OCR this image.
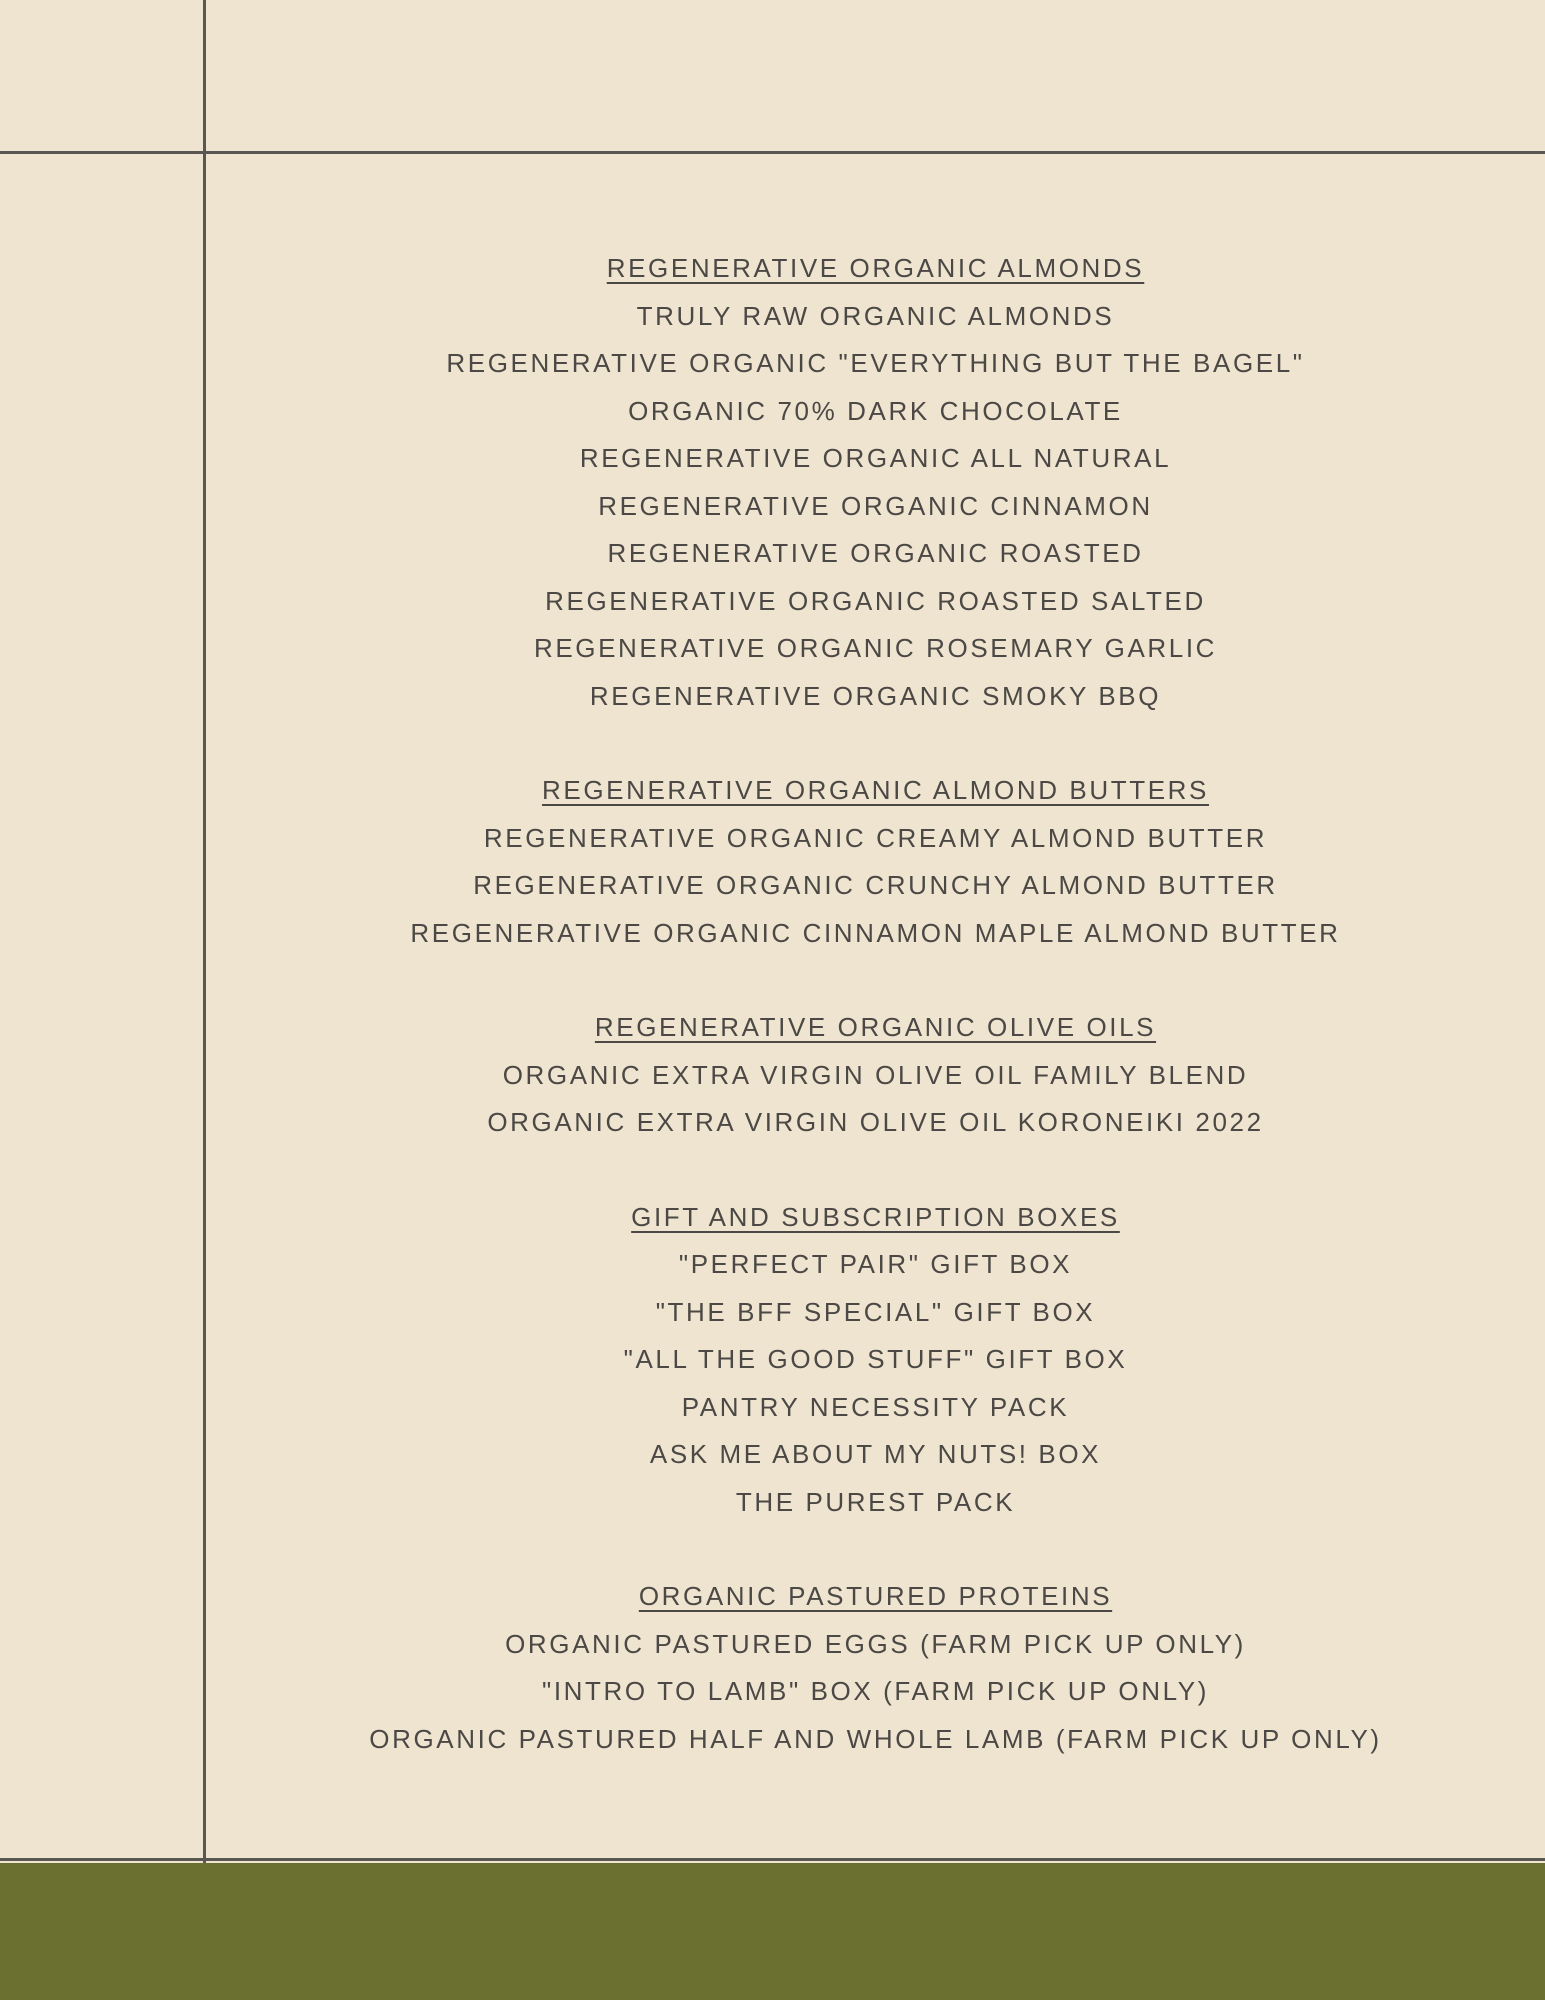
REGENERATIVE ORGANIC ALMONDS
TRULY RAW ORGANIC ALMONDS
REGENERATIVE ORGANIC "EVERYTHING BUT THE BAGEL"
ORGANIC 70% DARK CHOCOLATE
REGENERATIVE ORGANIC ALL NATURAL
REGENERATIVE ORGANIC CINNAMON
REGENERATIVE ORGANIC ROASTED
REGENERATIVE ORGANIC ROASTED SALTED
REGENERATIVE ORGANIC ROSEMARY GARLIC
REGENERATIVE ORGANIC SMOKY BBQ
REGENERATIVE ORGANIC ALMOND BUTTERS
REGENERATIVE ORGANIC CREAMY ALMOND BUTTER
REGENERATIVE ORGANIC CRUNCHY ALMOND BUTTER
REGENERATIVE ORGANIC CINNAMON MAPLE ALMOND BUTTER
REGENERATIVE ORGANIC OLIVE OILS
ORGANIC EXTRA VIRGIN OLIVE OIL FAMILY BLEND
ORGANIC EXTRA VIRGIN OLIVE OIL KORONEIKI 2022
GIFT AND SUBSCRIPTION BOXES
"PERFECT PAIR" GIFT BOX
"THE BFF SPECIAL" GIFT BOX
"ALL THE GOOD STUFF" GIFT BOX
PANTRY NECESSITY PACK
ASK ME ABOUT MY NUTS! BOX
THE PUREST PACK
ORGANIC PASTURED PROTEINS
ORGANIC PASTURED EGGS (FARM PICK UP ONLY)
"INTRO TO LAMB" BOX (FARM PICK UP ONLY)
ORGANIC PASTURED HALF AND WHOLE LAMB (FARM PICK UP ONLY)
